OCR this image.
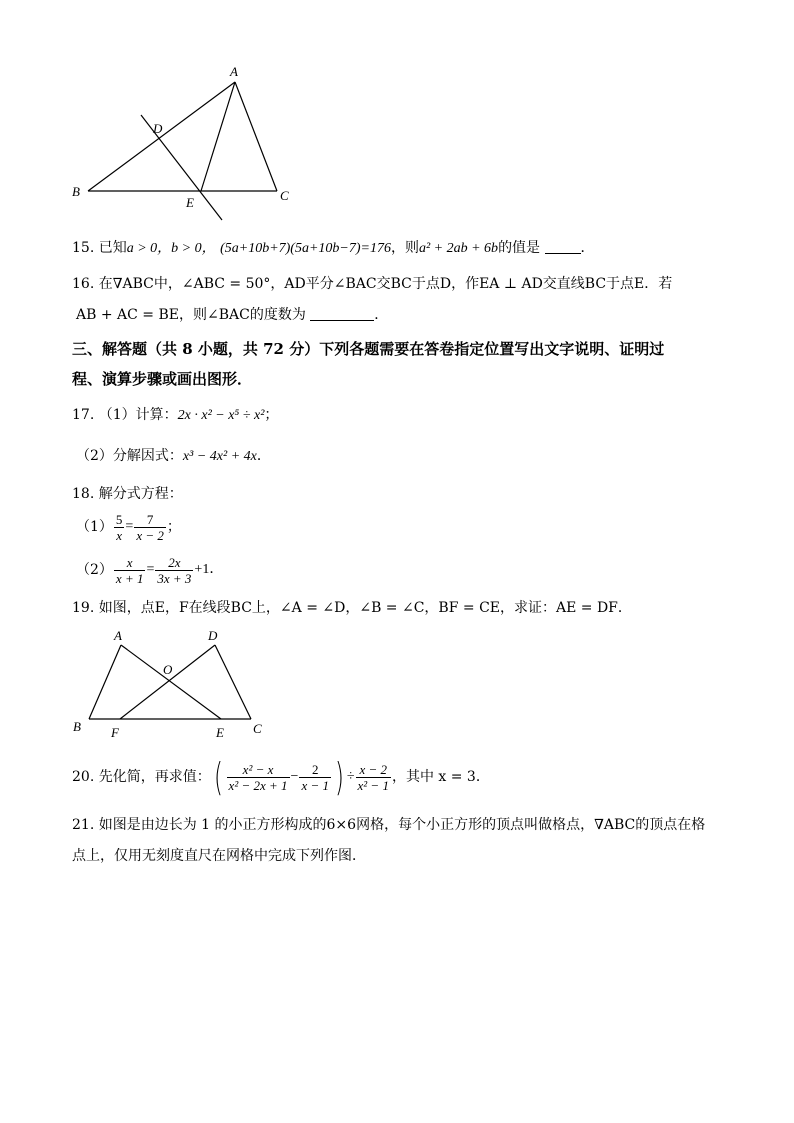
A
B	C
D
E
15. 已知a > 0，b > 0， (5a+10b+7)(5a+10b−7)=176，则a² + 2ab + 6b的值是	．
16. 在∇ABC中，∠ABC = 50°，AD平分∠BAC交BC于点D，作EA ⊥ AD交直线BC于点E．若
AB + AC = BE，则∠BAC的度数为	．
三、解答题（共 8 小题，共 72 分）下列各题需要在答卷指定位置写出文字说明、证明过
程、演算步骤或画出图形．
17. （1）计算：2x · x² − x⁵ ÷ x²；
（2）分解因式：x³ − 4x² + 4x．
18. 解分式方程：
$(1) \frac{5}{x} = \frac{7}{x - 2}$ ；
$(2) \frac{x}{x + 1} = \frac{2x}{3x + 3} +1$．
19. 如图，点E，F在线段BC上，∠A = ∠D，∠B = ∠C，BF = CE，求证：AE = DF．
A	D
O
B F	E C
20.
先化简，再求值： ( $\frac{\text{x² − x}}{\text{x² − 2x + 1}} - \frac{2}{x - 1}$ ) ÷ $\frac{x - 2}{\text{x² − 1}}$ ，其中 x = 3．
21. 如图是由边长为 1 的小正方形构成的6×6网格，每个小正方形的顶点叫做格点，∇ABC的顶点在格
点上，仅用无刻度直尺在网格中完成下列作图．
